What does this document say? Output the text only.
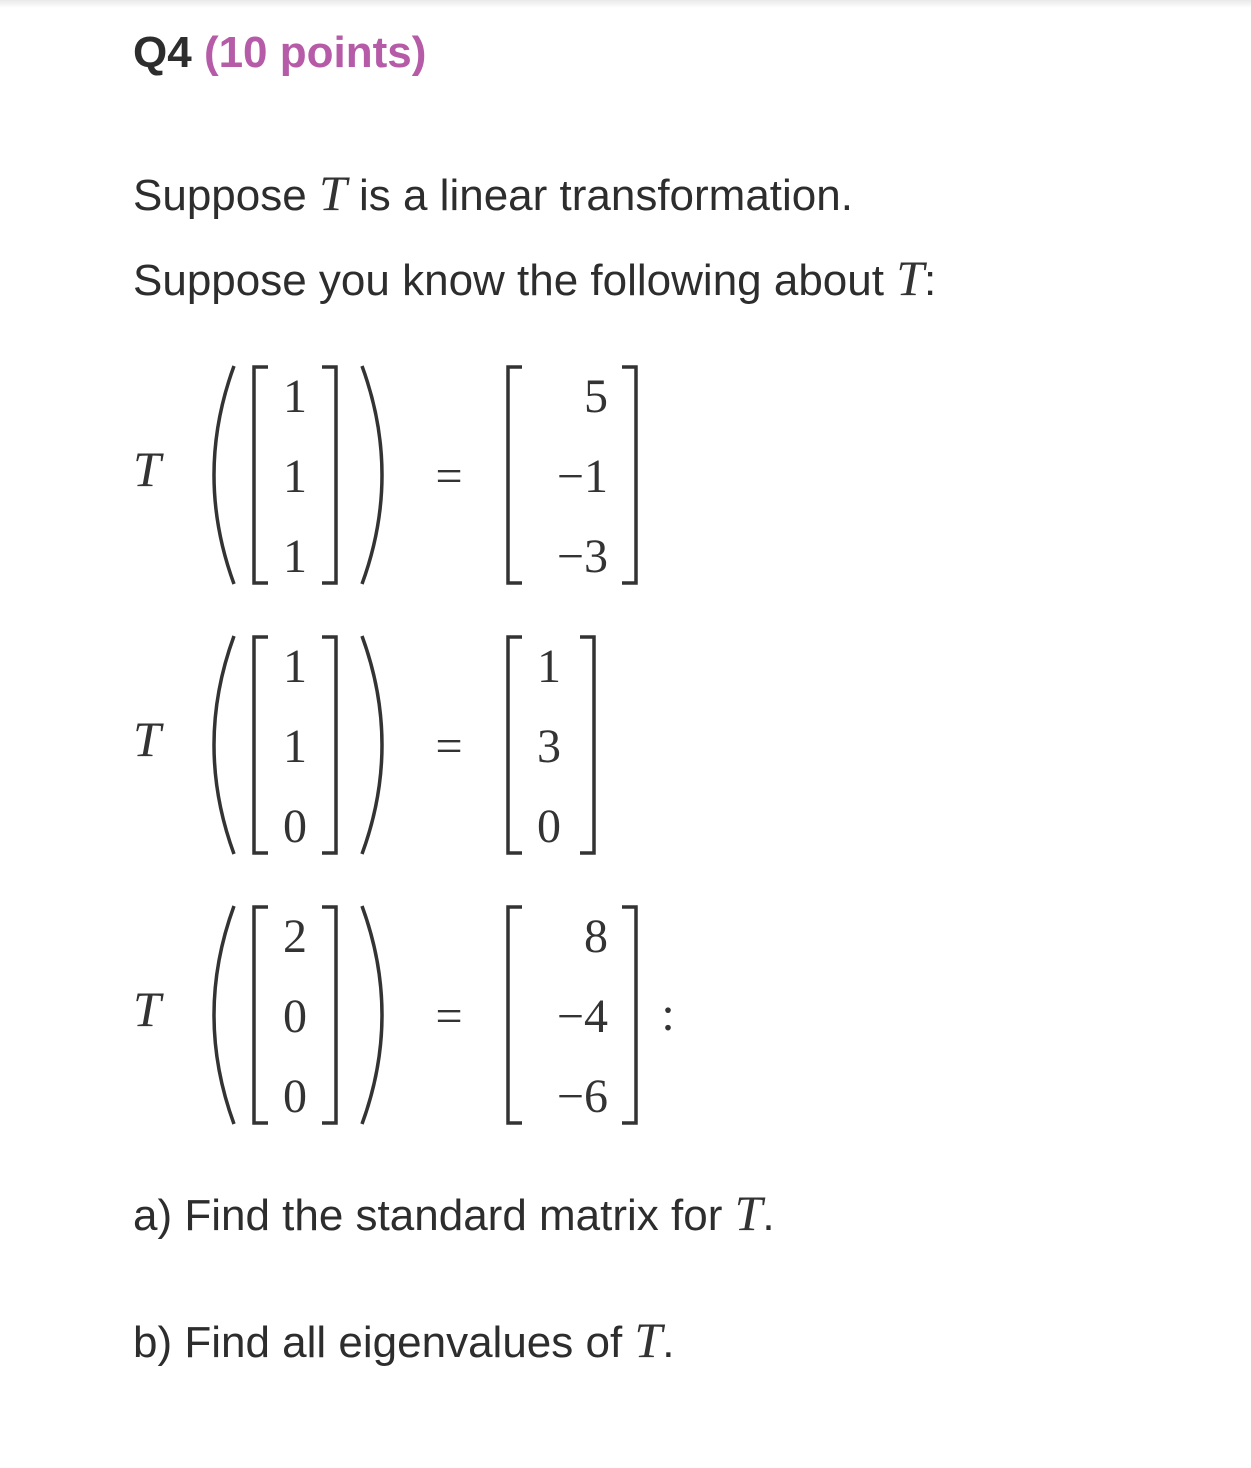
Q4 (10 points)
Suppose T is a linear transformation.
Suppose you know the following about T:
T
1
1
1
=
5
−1
−3
T
1
1
0
=
1
3
0
T
2
0
0
=
8
−4
−6
:
a) Find the standard matrix for T.
b) Find all eigenvalues of T.
